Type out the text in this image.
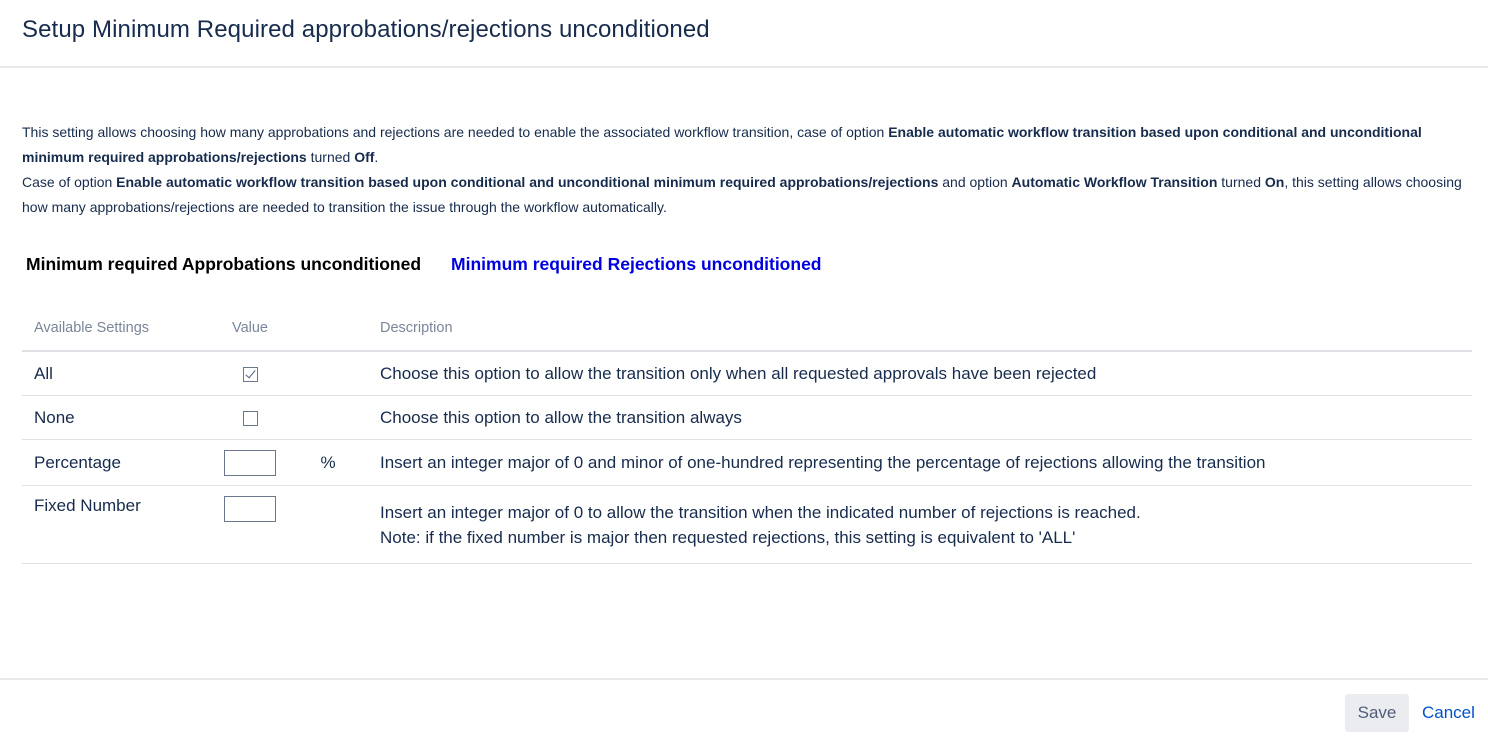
Setup Minimum Required approbations/rejections unconditioned

This setting allows choosing how many approbations and rejections are needed to enable the associated workflow transition, case of option Enable automatic workflow transition based upon conditional and unconditional minimum required approbations/rejections turned Off.
Case of option Enable automatic workflow transition based upon conditional and unconditional minimum required approbations/rejections and option Automatic Workflow Transition turned On, this setting allows choosing how many approbations/rejections are needed to transition the issue through the workflow automatically.

Minimum required Approbations unconditioned Minimum required Rejections unconditioned
Available Settings	Value		Description
All			Choose this option to allow the transition only when all requested approvals have been rejected
None			Choose this option to allow the transition always
Percentage		%	Insert an integer major of 0 and minor of one-hundred representing the percentage of rejections allowing the transition
Fixed Number			Insert an integer major of 0 to allow the transition when the indicated number of rejections is reached.
Note: if the fixed number is major then requested rejections, this setting is equivalent to 'ALL'
Save	Cancel
